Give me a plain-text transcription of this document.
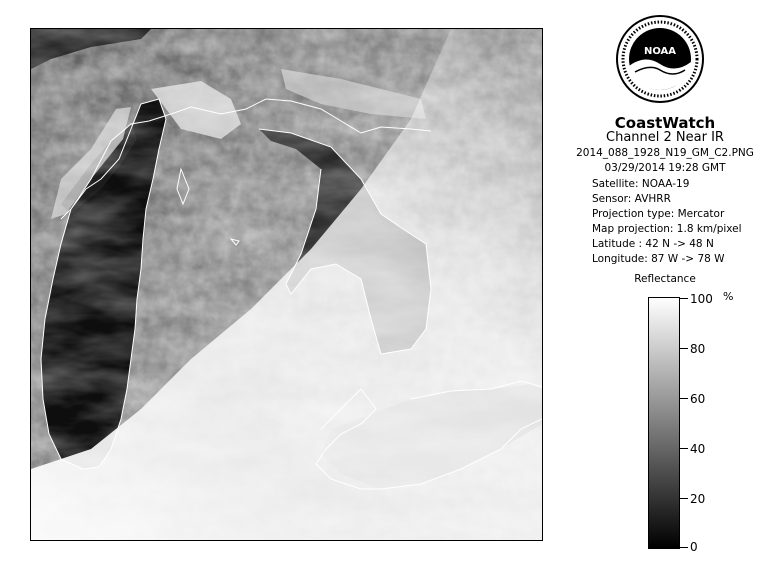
NOAA
CoastWatch
Channel 2 Near IR
2014_088_1928_N19_GM_C2.PNG
03/29/2014 19:28 GMT
Satellite: NOAA-19
Sensor: AVHRR
Projection type: Mercator
Map projection: 1.8 km/pixel
Latitude : 42 N -> 48 N
Longitude: 87 W -> 78 W
Reflectance
%
100
80
60
40
20
0
